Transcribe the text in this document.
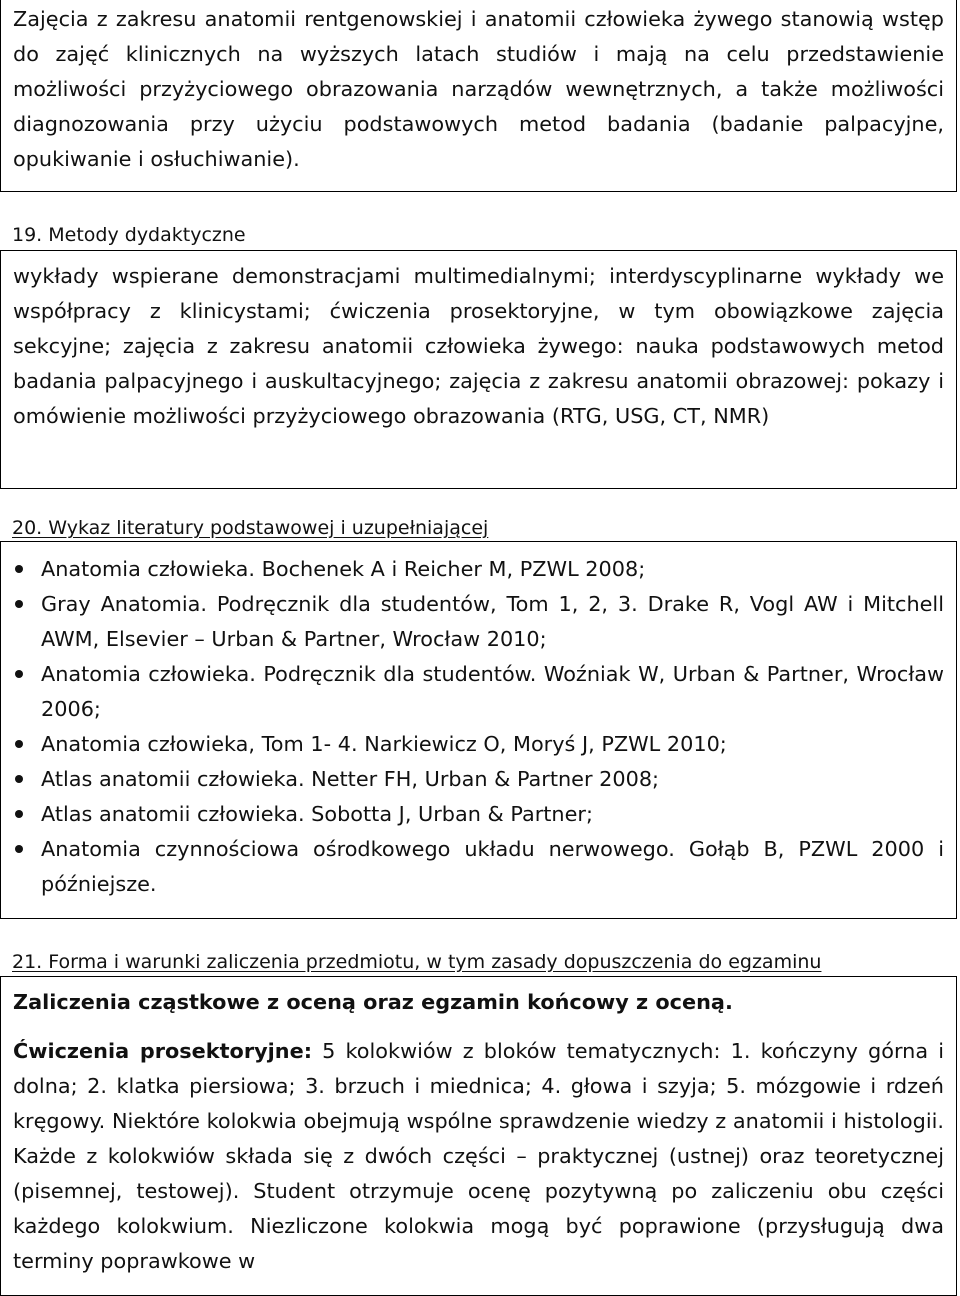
Zajęcia z zakresu anatomii rentgenowskiej i anatomii człowieka żywego stanowią wstęp do zajęć klinicznych na wyższych latach studiów i mają na celu przedstawienie możliwości przyżyciowego obrazowania narządów wewnętrznych, a także możliwości diagnozowania przy użyciu podstawowych metod badania (badanie palpacyjne, opukiwanie i osłuchiwanie).

19. Metody dydaktyczne

wykłady wspierane demonstracjami multimedialnymi; interdyscyplinarne wykłady we współpracy z klinicystami; ćwiczenia prosektoryjne, w tym obowiązkowe zajęcia sekcyjne; zajęcia z zakresu anatomii człowieka żywego: nauka podstawowych metod badania palpacyjnego i auskultacyjnego; zajęcia z zakresu anatomii obrazowej: pokazy i omówienie możliwości przyżyciowego obrazowania (RTG, USG, CT, NMR)

20. Wykaz literatury podstawowej i uzupełniającej
Anatomia człowieka. Bochenek A i Reicher M, PZWL 2008;
Gray Anatomia. Podręcznik dla studentów, Tom 1, 2, 3. Drake R, Vogl AW i Mitchell AWM, Elsevier – Urban & Partner, Wrocław 2010;
Anatomia człowieka. Podręcznik dla studentów. Woźniak W, Urban & Partner, Wrocław 2006;
Anatomia człowieka, Tom 1- 4. Narkiewicz O, Moryś J, PZWL 2010;
Atlas anatomii człowieka. Netter FH, Urban & Partner 2008;
Atlas anatomii człowieka. Sobotta J, Urban & Partner;
Anatomia czynnościowa ośrodkowego układu nerwowego. Gołąb B, PZWL 2000 i późniejsze.
21. Forma i warunki zaliczenia przedmiotu, w tym zasady dopuszczenia do egzaminu

Zaliczenia cząstkowe z oceną oraz egzamin końcowy z oceną.

Ćwiczenia prosektoryjne: 5 kolokwiów z bloków tematycznych: 1. kończyny górna i dolna; 2. klatka piersiowa; 3. brzuch i miednica; 4. głowa i szyja; 5. mózgowie i rdzeń kręgowy. Niektóre kolokwia obejmują wspólne sprawdzenie wiedzy z anatomii i histologii. Każde z kolokwiów składa się z dwóch części – praktycznej (ustnej) oraz teoretycznej (pisemnej, testowej). Student otrzymuje ocenę pozytywną po zaliczeniu obu części każdego kolokwium. Niezliczone kolokwia mogą być poprawione (przysługują dwa terminy poprawkowe w
